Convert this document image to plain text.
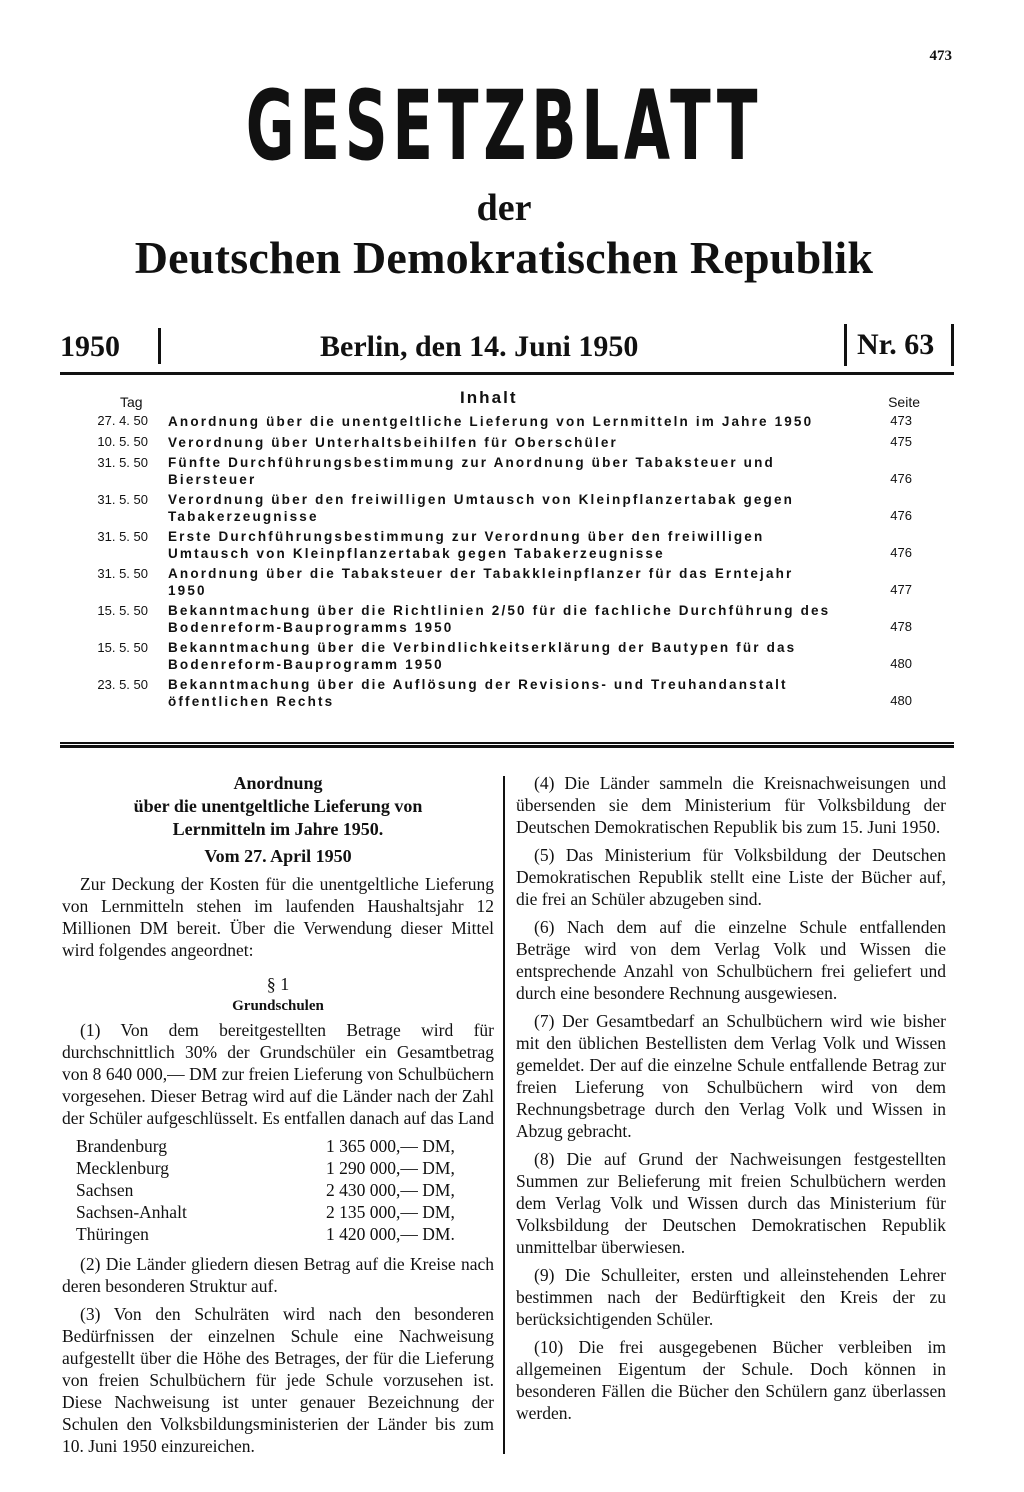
473
GESETZBLATT
der
Deutschen Demokratischen Republik
1950	Berlin, den 14. Juni 1950	Nr. 63
Tag	Inhalt	Seite
27. 4. 50	Anordnung über die unentgeltliche Lieferung von Lernmitteln im Jahre 1950	473
10. 5. 50	Verordnung über Unterhaltsbeihilfen für Oberschüler	475
31. 5. 50	Fünfte Durchführungsbestimmung zur Anordnung über Tabaksteuer und Biersteuer	476
31. 5. 50	Verordnung über den freiwilligen Umtausch von Kleinpflanzertabak gegen Tabakerzeugnisse	476
31. 5. 50	Erste Durchführungsbestimmung zur Verordnung über den freiwilligen Umtausch von Kleinpflanzertabak gegen Tabakerzeugnisse	476
31. 5. 50	Anordnung über die Tabaksteuer der Tabakkleinpflanzer für das Erntejahr 1950	477
15. 5. 50	Bekanntmachung über die Richtlinien 2/50 für die fachliche Durchführung des Bodenreform-Bauprogramms 1950	478
15. 5. 50	Bekanntmachung über die Verbindlichkeitserklärung der Bautypen für das Bodenreform-Bauprogramm 1950	480
23. 5. 50	Bekanntmachung über die Auflösung der Revisions- und Treuhandanstalt öffentlichen Rechts	480
Anordnung
über die unentgeltliche Lieferung von
Lernmitteln im Jahre 1950.
Vom 27. April 1950

Zur Deckung der Kosten für die unentgeltliche Lieferung von Lernmitteln stehen im laufenden Haushaltsjahr 12 Millionen DM bereit. Über die Verwendung dieser Mittel wird folgendes angeordnet:

§ 1
Grundschulen

(1) Von dem bereitgestellten Betrage wird für durchschnittlich 30% der Grundschüler ein Gesamtbetrag von 8 640 000,— DM zur freien Lieferung von Schulbüchern vorgesehen. Dieser Betrag wird auf die Länder nach der Zahl der Schüler aufgeschlüsselt. Es entfallen danach auf das Land

Brandenburg	1 365 000,— DM,
Mecklenburg	1 290 000,— DM,
Sachsen	2 430 000,— DM,
Sachsen-Anhalt	2 135 000,— DM,
Thüringen	1 420 000,— DM.

(2) Die Länder gliedern diesen Betrag auf die Kreise nach deren besonderen Struktur auf.

(3) Von den Schulräten wird nach den besonderen Bedürfnissen der einzelnen Schule eine Nachweisung aufgestellt über die Höhe des Betrages, der für die Lieferung von freien Schulbüchern für jede Schule vorzusehen ist. Diese Nachweisung ist unter genauer Bezeichnung der Schulen den Volksbildungsministerien der Länder bis zum 10. Juni 1950 einzureichen.

(4) Die Länder sammeln die Kreisnachweisungen und übersenden sie dem Ministerium für Volksbildung der Deutschen Demokratischen Republik bis zum 15. Juni 1950.

(5) Das Ministerium für Volksbildung der Deutschen Demokratischen Republik stellt eine Liste der Bücher auf, die frei an Schüler abzugeben sind.

(6) Nach dem auf die einzelne Schule entfallenden Beträge wird von dem Verlag Volk und Wissen die entsprechende Anzahl von Schulbüchern frei geliefert und durch eine besondere Rechnung ausgewiesen.

(7) Der Gesamtbedarf an Schulbüchern wird wie bisher mit den üblichen Bestellisten dem Verlag Volk und Wissen gemeldet. Der auf die einzelne Schule entfallende Betrag zur freien Lieferung von Schulbüchern wird von dem Rechnungsbetrage durch den Verlag Volk und Wissen in Abzug gebracht.

(8) Die auf Grund der Nachweisungen festgestellten Summen zur Belieferung mit freien Schulbüchern werden dem Verlag Volk und Wissen durch das Ministerium für Volksbildung der Deutschen Demokratischen Republik unmittelbar überwiesen.

(9) Die Schulleiter, ersten und alleinstehenden Lehrer bestimmen nach der Bedürftigkeit den Kreis der zu berücksichtigenden Schüler.

(10) Die frei ausgegebenen Bücher verbleiben im allgemeinen Eigentum der Schule. Doch können in besonderen Fällen die Bücher den Schülern ganz überlassen werden.
